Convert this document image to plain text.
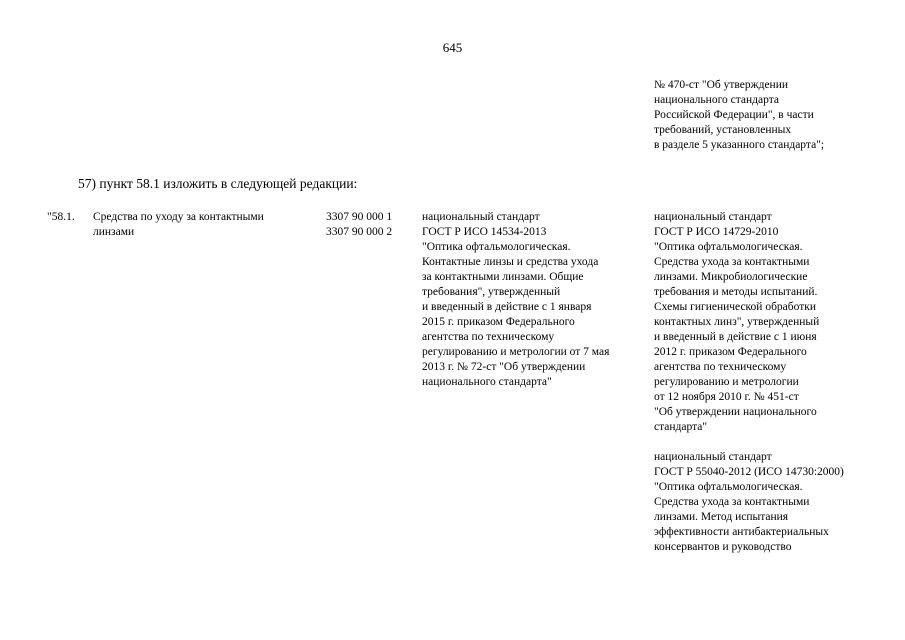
645
№ 470-ст "Об утверждении
национального стандарта
Российской Федерации", в части
требований, установленных
в разделе 5 указанного стандарта";
57) пункт 58.1 изложить в следующей редакции:
"58.1. Средства по уходу за контактными
линзами
3307 90 000 1
3307 90 000 2
национальный стандарт
ГОСТ Р ИСО 14534-2013
"Оптика офтальмологическая.
Контактные линзы и средства ухода
за контактными линзами. Общие
требования", утвержденный
и введенный в действие с 1 января
2015 г. приказом Федерального
агентства по техническому
регулированию и метрологии от 7 мая
2013 г. № 72-ст "Об утверждении
национального стандарта"
национальный стандарт
ГОСТ Р ИСО 14729-2010
"Оптика офтальмологическая.
Средства ухода за контактными
линзами. Микробиологические
требования и методы испытаний.
Схемы гигиенической обработки
контактных линз", утвержденный
и введенный в действие с 1 июня
2012 г. приказом Федерального
агентства по техническому
регулированию и метрологии
от 12 ноября 2010 г. № 451-ст
"Об утверждении национального
стандарта"
национальный стандарт
ГОСТ Р 55040-2012 (ИСО 14730:2000)
"Оптика офтальмологическая.
Средства ухода за контактными
линзами. Метод испытания
эффективности антибактериальных
консервантов и руководство
